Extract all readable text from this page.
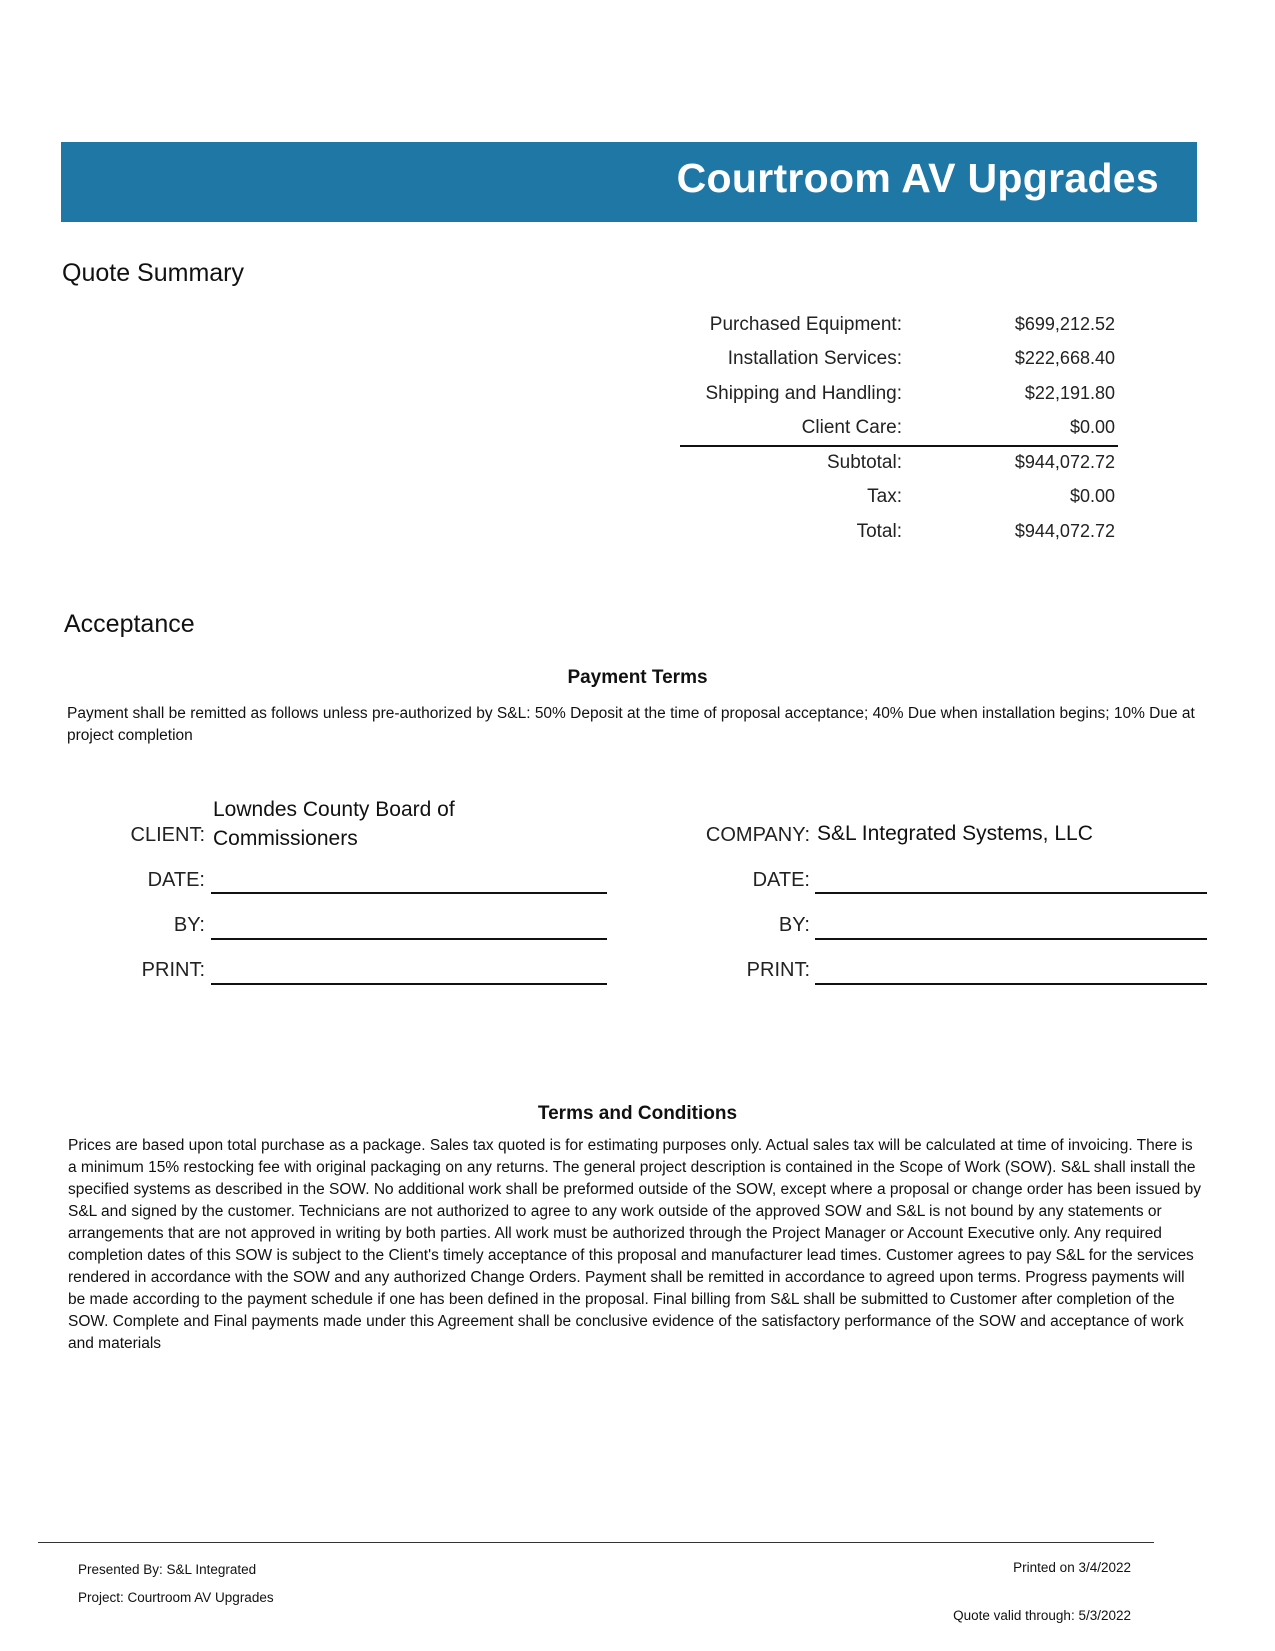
Courtroom AV Upgrades
Quote Summary
Purchased Equipment:	$699,212.52
Installation Services:	$222,668.40
Shipping and Handling:	$22,191.80
Client Care:	$0.00
Subtotal:	$944,072.72
Tax:	$0.00
Total:	$944,072.72
Acceptance
Payment Terms
Payment shall be remitted as follows unless pre-authorized by S&L: 50% Deposit at the time of proposal acceptance; 40% Due when installation begins; 10% Due at project completion
CLIENT:
Lowndes County Board of Commissioners
DATE:
BY:
PRINT:
COMPANY: S&L Integrated Systems, LLC
DATE:
BY:
PRINT:
Terms and Conditions
Prices are based upon total purchase as a package. Sales tax quoted is for estimating purposes only. Actual sales tax will be calculated at time of invoicing. There is a minimum 15% restocking fee with original packaging on any returns. The general project description is contained in the Scope of Work (SOW). S&L shall install the specified systems as described in the SOW. No additional work shall be preformed outside of the SOW, except where a proposal or change order has been issued by S&L and signed by the customer. Technicians are not authorized to agree to any work outside of the approved SOW and S&L is not bound by any statements or arrangements that are not approved in writing by both parties. All work must be authorized through the Project Manager or Account Executive only. Any required completion dates of this SOW is subject to the Client's timely acceptance of this proposal and manufacturer lead times. Customer agrees to pay S&L for the services rendered in accordance with the SOW and any authorized Change Orders. Payment shall be remitted in accordance to agreed upon terms. Progress payments will be made according to the payment schedule if one has been defined in the proposal. Final billing from S&L shall be submitted to Customer after completion of the SOW. Complete and Final payments made under this Agreement shall be conclusive evidence of the satisfactory performance of the SOW and acceptance of work and materials
Presented By: S&L Integrated
Project: Courtroom AV Upgrades
Printed on 3/4/2022
Quote valid through: 5/3/2022
